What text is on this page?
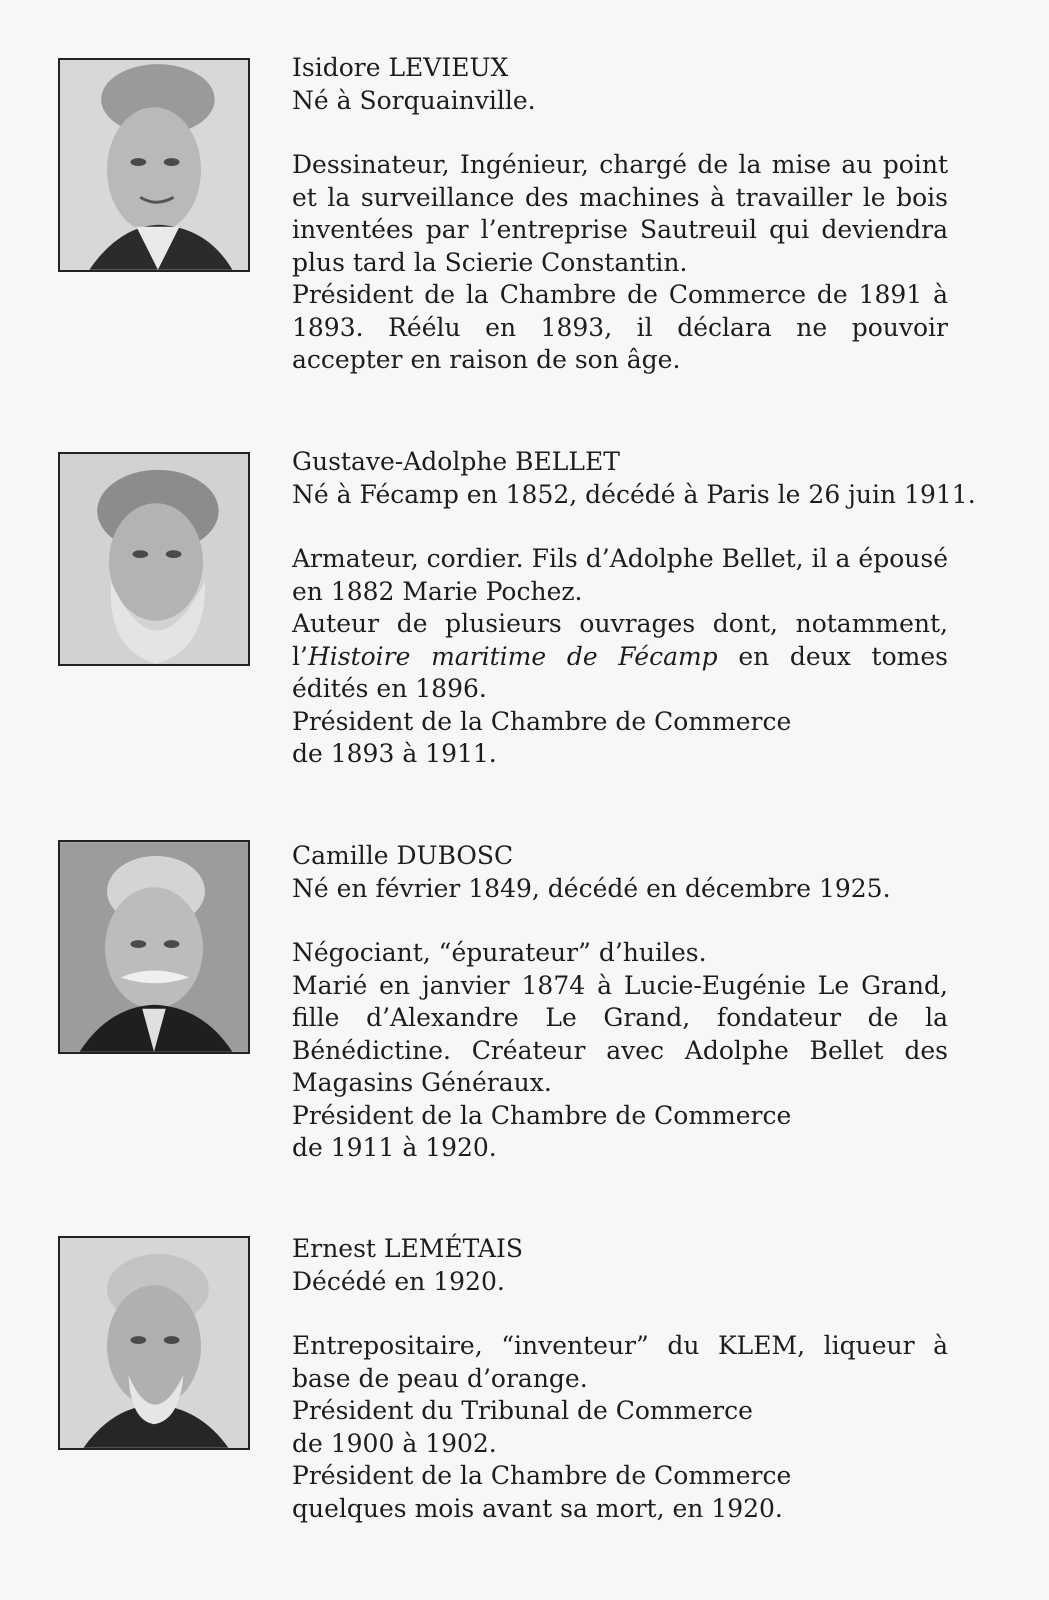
Isidore LEVIEUX

Né à Sorquainville.

Dessinateur, Ingénieur, chargé de la mise au point et la surveillance des machines à travailler le bois inventées par l’entreprise Sautreuil qui deviendra plus tard la Scierie Constantin.

Président de la Chambre de Commerce de 1891 à 1893. Réélu en 1893, il déclara ne pouvoir accepter en raison de son âge.

Gustave-Adolphe BELLET

Né à Fécamp en 1852, décédé à Paris le 26 juin 1911.

Armateur, cordier. Fils d’Adolphe Bellet, il a épousé en 1882 Marie Pochez.

Auteur de plusieurs ouvrages dont, notamment, l’Histoire maritime de Fécamp en deux tomes édités en 1896.

Président de la Chambre de Commerce

de 1893 à 1911.

Camille DUBOSC

Né en février 1849, décédé en décembre 1925.

Négociant, “épurateur” d’huiles.

Marié en janvier 1874 à Lucie-Eugénie Le Grand, fille d’Alexandre Le Grand, fondateur de la Bénédictine. Créateur avec Adolphe Bellet des Magasins Généraux.

Président de la Chambre de Commerce

de 1911 à 1920.

Ernest LEMÉTAIS

Décédé en 1920.

Entrepositaire, “inventeur” du KLEM, liqueur à base de peau d’orange.

Président du Tribunal de Commerce

de 1900 à 1902.

Président de la Chambre de Commerce

quelques mois avant sa mort, en 1920.
